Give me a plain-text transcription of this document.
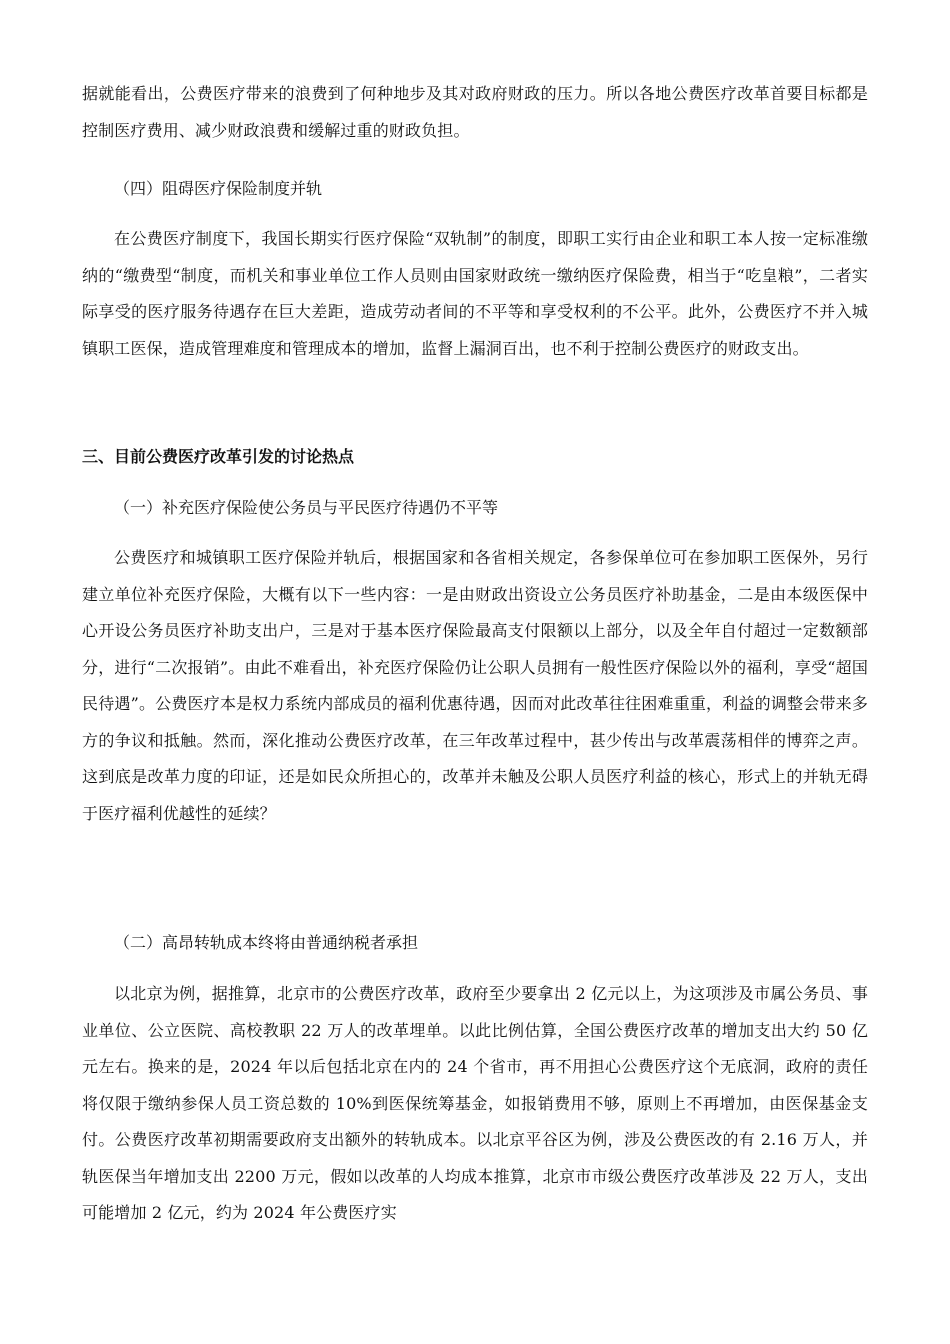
据就能看出，公费医疗带来的浪费到了何种地步及其对政府财政的压力。所以各地公费医疗改革首要目标都是控制医疗费用、减少财政浪费和缓解过重的财政负担。

（四）阻碍医疗保险制度并轨

在公费医疗制度下，我国长期实行医疗保险“双轨制”的制度，即职工实行由企业和职工本人按一定标准缴纳的“缴费型“制度，而机关和事业单位工作人员则由国家财政统一缴纳医疗保险费，相当于“吃皇粮”，二者实际享受的医疗服务待遇存在巨大差距，造成劳动者间的不平等和享受权利的不公平。此外，公费医疗不并入城镇职工医保，造成管理难度和管理成本的增加，监督上漏洞百出，也不利于控制公费医疗的财政支出。

三、目前公费医疗改革引发的讨论热点

（一）补充医疗保险使公务员与平民医疗待遇仍不平等

公费医疗和城镇职工医疗保险并轨后，根据国家和各省相关规定，各参保单位可在参加职工医保外，另行建立单位补充医疗保险，大概有以下一些内容：一是由财政出资设立公务员医疗补助基金，二是由本级医保中心开设公务员医疗补助支出户，三是对于基本医疗保险最高支付限额以上部分，以及全年自付超过一定数额部分，进行“二次报销”。由此不难看出，补充医疗保险仍让公职人员拥有一般性医疗保险以外的福利，享受“超国民待遇”。公费医疗本是权力系统内部成员的福利优惠待遇，因而对此改革往往困难重重，利益的调整会带来多方的争议和抵触。然而，深化推动公费医疗改革，在三年改革过程中，甚少传出与改革震荡相伴的博弈之声。这到底是改革力度的印证，还是如民众所担心的，改革并未触及公职人员医疗利益的核心，形式上的并轨无碍于医疗福利优越性的延续？

（二）高昂转轨成本终将由普通纳税者承担

以北京为例，据推算，北京市的公费医疗改革，政府至少要拿出 2 亿元以上，为这项涉及市属公务员、事业单位、公立医院、高校教职 22 万人的改革埋单。以此比例估算，全国公费医疗改革的增加支出大约 50 亿元左右。换来的是，2024 年以后包括北京在内的 24 个省市，再不用担心公费医疗这个无底洞，政府的责任将仅限于缴纳参保人员工资总数的 10%到医保统筹基金，如报销费用不够，原则上不再增加，由医保基金支付。公费医疗改革初期需要政府支出额外的转轨成本。以北京平谷区为例，涉及公费医改的有 2.16 万人，并轨医保当年增加支出 2200 万元，假如以改革的人均成本推算，北京市市级公费医疗改革涉及 22 万人，支出可能增加 2 亿元，约为 2024 年公费医疗实
